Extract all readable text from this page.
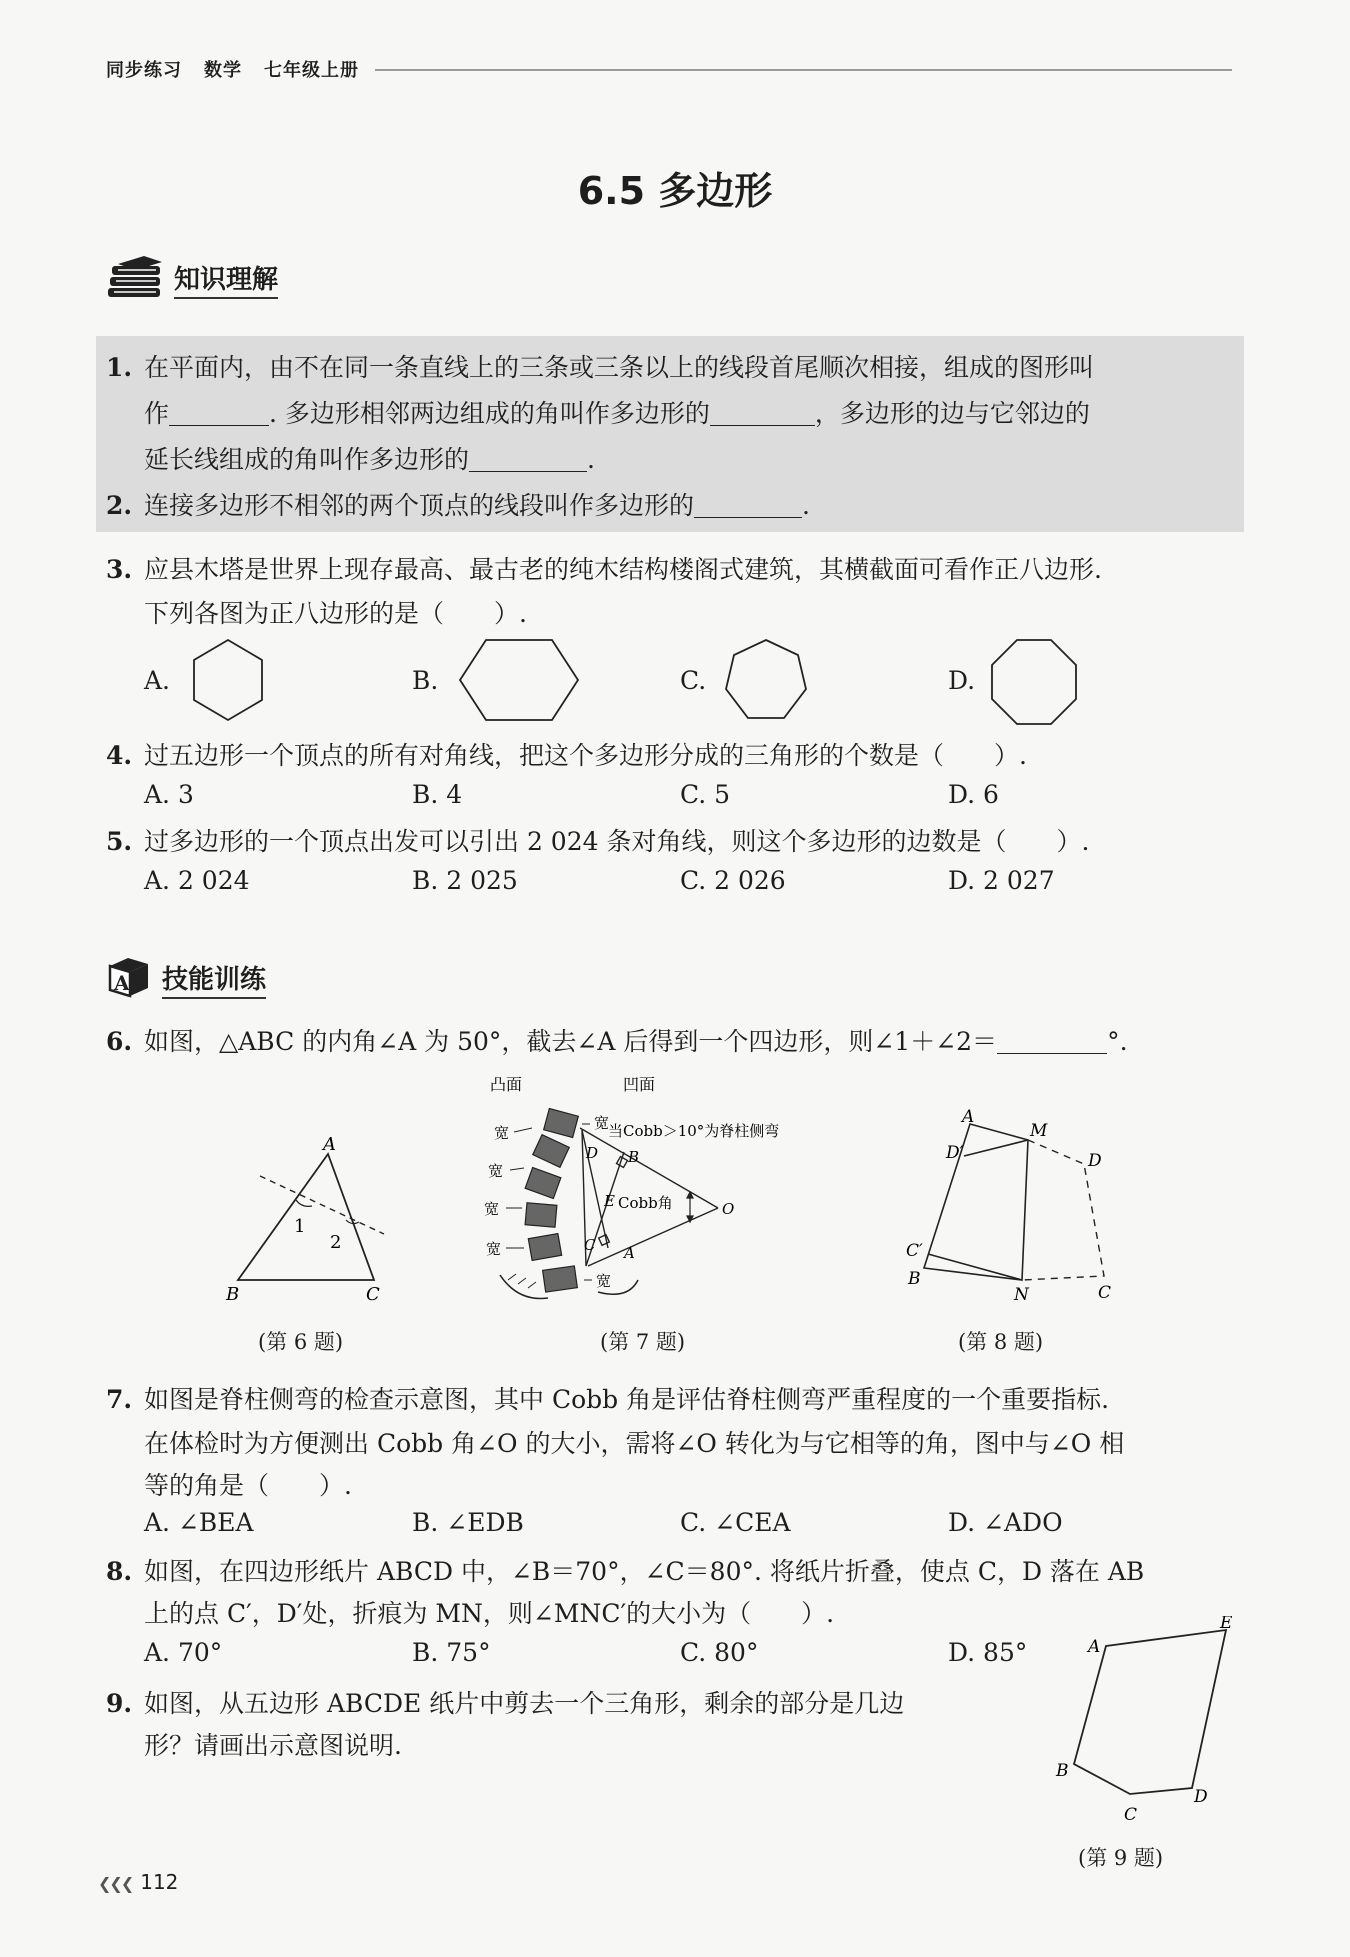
同步练习 数学 七年级上册
6.5 多边形
知识理解
1. 在平面内，由不在同一条直线上的三条或三条以上的线段首尾顺次相接，组成的图形叫
作	. 多边形相邻两边组成的角叫作多边形的	，多边形的边与它邻边的
延长线组成的角叫作多边形的	.
2. 连接多边形不相邻的两个顶点的线段叫作多边形的	.
3. 应县木塔是世界上现存最高、最古老的纯木结构楼阁式建筑，其横截面可看作正八边形.
下列各图为正八边形的是（　　）.
A.	B.	C.	D.
4. 过五边形一个顶点的所有对角线，把这个多边形分成的三角形的个数是（　　）.
A. 3	B. 4	C. 5	D. 6
5. 过多边形的一个顶点出发可以引出 2 024 条对角线，则这个多边形的边数是（　　）.
A. 2 024	B. 2 025	C. 2 026	D. 2 027
A 技能训练
6. 如图，△ABC 的内角∠A 为 50°，截去∠A 后得到一个四边形，则∠1＋∠2＝	°.
A
B	C
1
2
(第 6 题)
凸面	凹面
宽
宽
宽
宽
宽
宽
当Cobb＞10°为脊柱侧弯
D B
E Cobb角
C A
O
(第 7 题)
A
M
D′	D
C′
B
N	C
(第 8 题)
7. 如图是脊柱侧弯的检查示意图，其中 Cobb 角是评估脊柱侧弯严重程度的一个重要指标.
在体检时为方便测出 Cobb 角∠O 的大小，需将∠O 转化为与它相等的角，图中与∠O 相
等的角是（　　）.
A. ∠BEA	B. ∠EDB	C. ∠CEA	D. ∠ADO
8. 如图，在四边形纸片 ABCD 中，∠B＝70°，∠C＝80°. 将纸片折叠，使点 C，D 落在 AB
上的点 C′，D′处，折痕为 MN，则∠MNC′的大小为（　　）.
A. 70°	B. 75°	C. 80°	D. 85°
9. 如图，从五边形 ABCDE 纸片中剪去一个三角形，剩余的部分是几边
形？请画出示意图说明.
A
E
B
C
D
(第 9 题)
❮❮❮ 112
